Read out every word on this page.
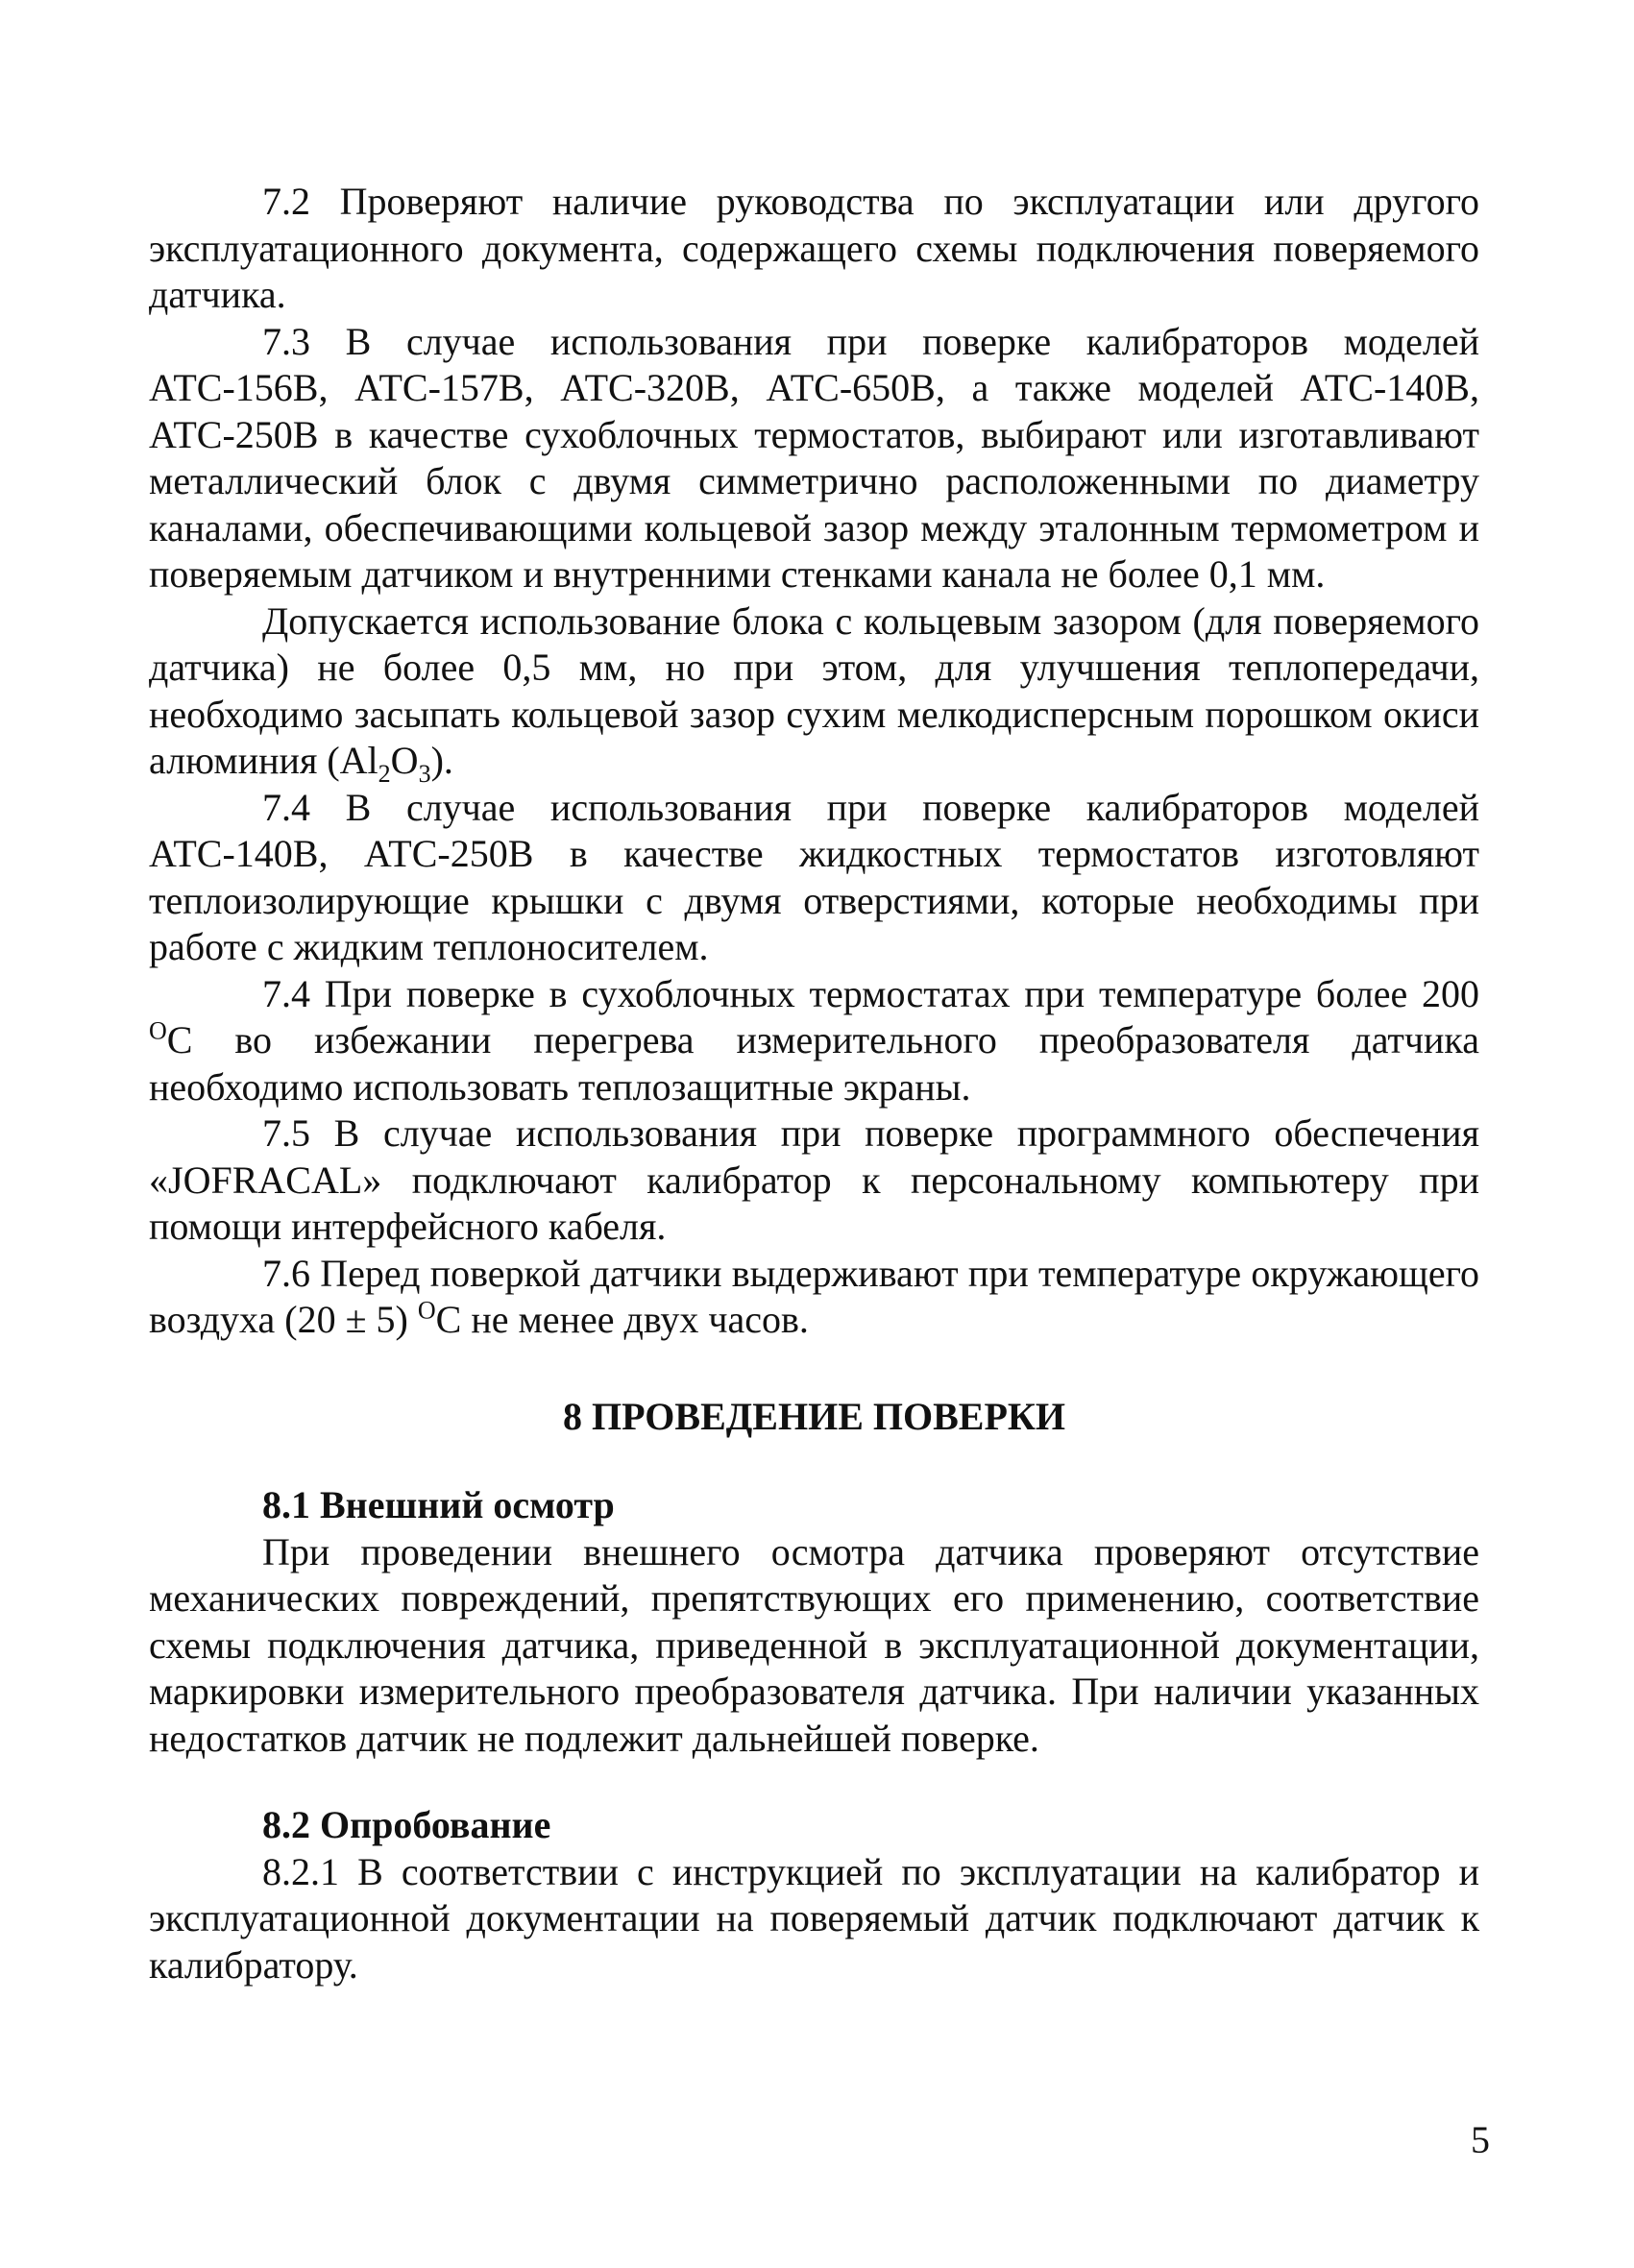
7.2 Проверяют наличие руководства по эксплуатации или другого эксплуатационного документа, содержащего схемы подключения поверяемого датчика.

7.3 В случае использования при поверке калибраторов моделей АТС-156В, АТС-157В, АТС-320В, АТС-650В, а также моделей АТС-140В, АТС-250В в качестве сухоблочных термостатов, выбирают или изготавливают металлический блок с двумя симметрично расположенными по диаметру каналами, обеспечивающими кольцевой зазор между эталонным термометром и поверяемым датчиком и внутренними стенками канала не более 0,1 мм.

Допускается использование блока с кольцевым зазором (для поверяемого датчика) не более 0,5 мм, но при этом, для улучшения теплопередачи, необходимо засыпать кольцевой зазор сухим мелкодисперсным порошком окиси алюминия $(Al_2O_3)$.

7.4 В случае использования при поверке калибраторов моделей АТС-140В, АТС-250В в качестве жидкостных термостатов изготовляют теплоизолирующие крышки с двумя отверстиями, которые необходимы при работе с жидким теплоносителем.

7.4 При поверке в сухоблочных термостатах при температуре более 200 $^О$С во избежании перегрева измерительного преобразователя датчика необходимо использовать теплозащитные экраны.

7.5 В случае использования при поверке программного обеспечения «JOFRACAL» подключают калибратор к персональному компьютеру при помощи интерфейсного кабеля.

7.6 Перед поверкой датчики выдерживают при температуре окружающего воздуха (20 ± 5) $^О$С не менее двух часов.

8 ПРОВЕДЕНИЕ ПОВЕРКИ

8.1 Внешний осмотр

При проведении внешнего осмотра датчика проверяют отсутствие механических повреждений, препятствующих его применению, соответствие схемы подключения датчика, приведенной в эксплуатационной документации, маркировки измерительного преобразователя датчика. При наличии указанных недостатков датчик не подлежит дальнейшей поверке.

8.2 Опробование

8.2.1 В соответствии с инструкцией по эксплуатации на калибратор и эксплуатационной документации на поверяемый датчик подключают датчик к калибратору.

5
